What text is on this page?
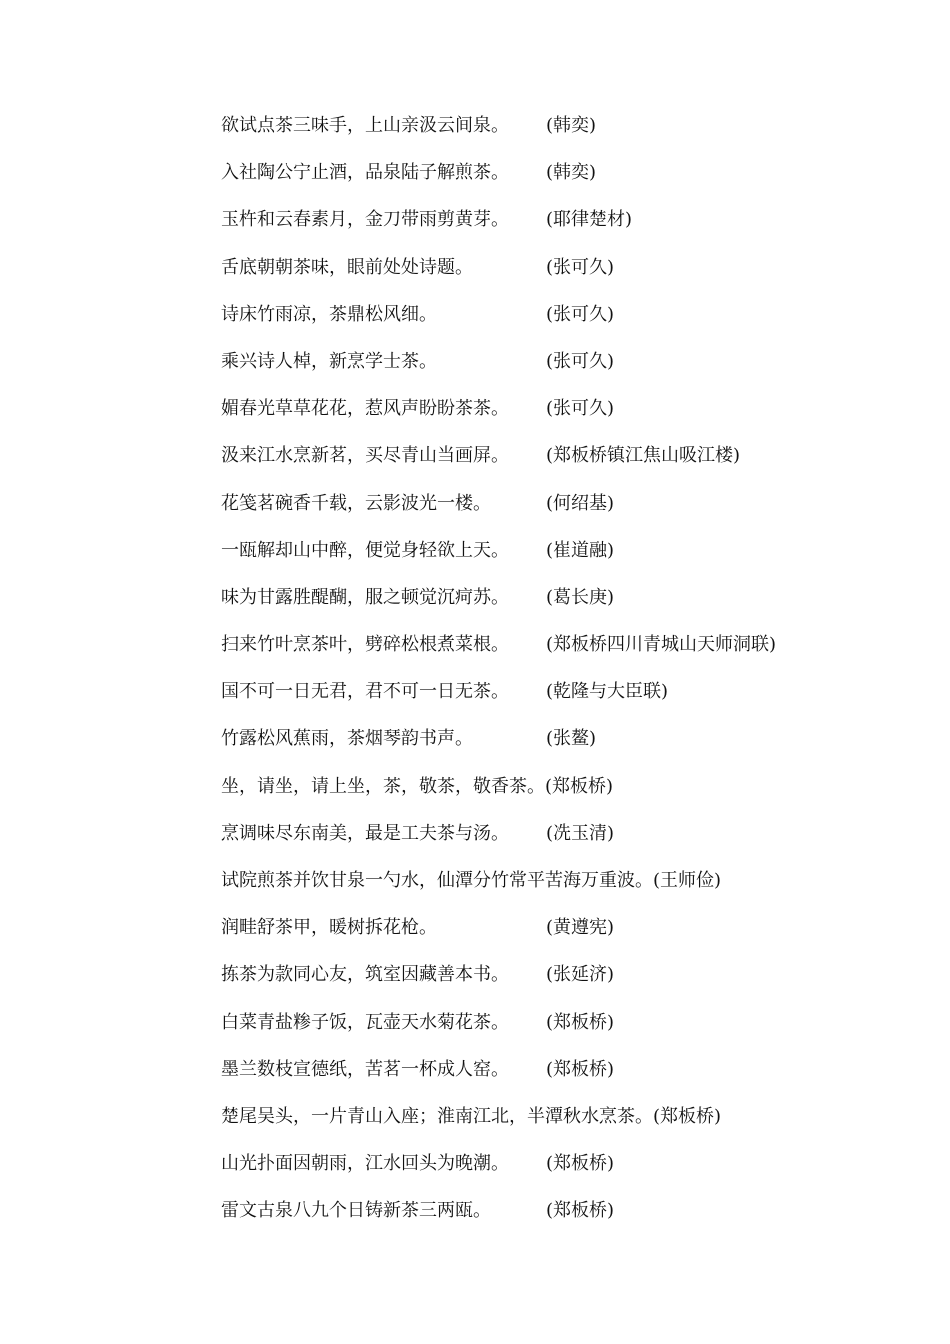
欲试点茶三味手，上山亲汲云间泉。 (韩奕)
入社陶公宁止酒，品泉陆子解煎茶。 (韩奕)
玉杵和云春素月，金刀带雨剪黄芽。 (耶律楚材)
舌底朝朝茶味，眼前处处诗题。	(张可久)
诗床竹雨凉，茶鼎松风细。	(张可久)
乘兴诗人棹，新烹学士茶。	(张可久)
媚春光草草花花，惹风声盼盼茶茶。 (张可久)
汲来江水烹新茗，买尽青山当画屏。 (郑板桥镇江焦山吸江楼)
花笺茗碗香千载，云影波光一楼。	(何绍基)
一瓯解却山中醉，便觉身轻欲上天。 (崔道融)
味为甘露胜醍醐，服之顿觉沉疴苏。 (葛长庚)
扫来竹叶烹茶叶，劈碎松根煮菜根。 (郑板桥四川青城山天师洞联)
国不可一日无君，君不可一日无茶。 (乾隆与大臣联)
竹露松风蕉雨，茶烟琴韵书声。	(张鳌)
坐，请坐，请上坐，茶，敬茶，敬香茶。(郑板桥)
烹调味尽东南美，最是工夫茶与汤。 (冼玉清)
试院煎茶并饮甘泉一勺水，仙潭分竹常平苦海万重波。(王师俭)
润畦舒茶甲，暖树拆花枪。	(黄遵宪)
拣茶为款同心友，筑室因藏善本书。 (张延济)
白菜青盐糁子饭，瓦壶天水菊花茶。 (郑板桥)
墨兰数枝宣德纸，苦茗一杯成人窑。 (郑板桥)
楚尾吴头，一片青山入座；淮南江北，半潭秋水烹茶。(郑板桥)
山光扑面因朝雨，江水回头为晚潮。 (郑板桥)
雷文古泉八九个日铸新茶三两瓯。	(郑板桥)
